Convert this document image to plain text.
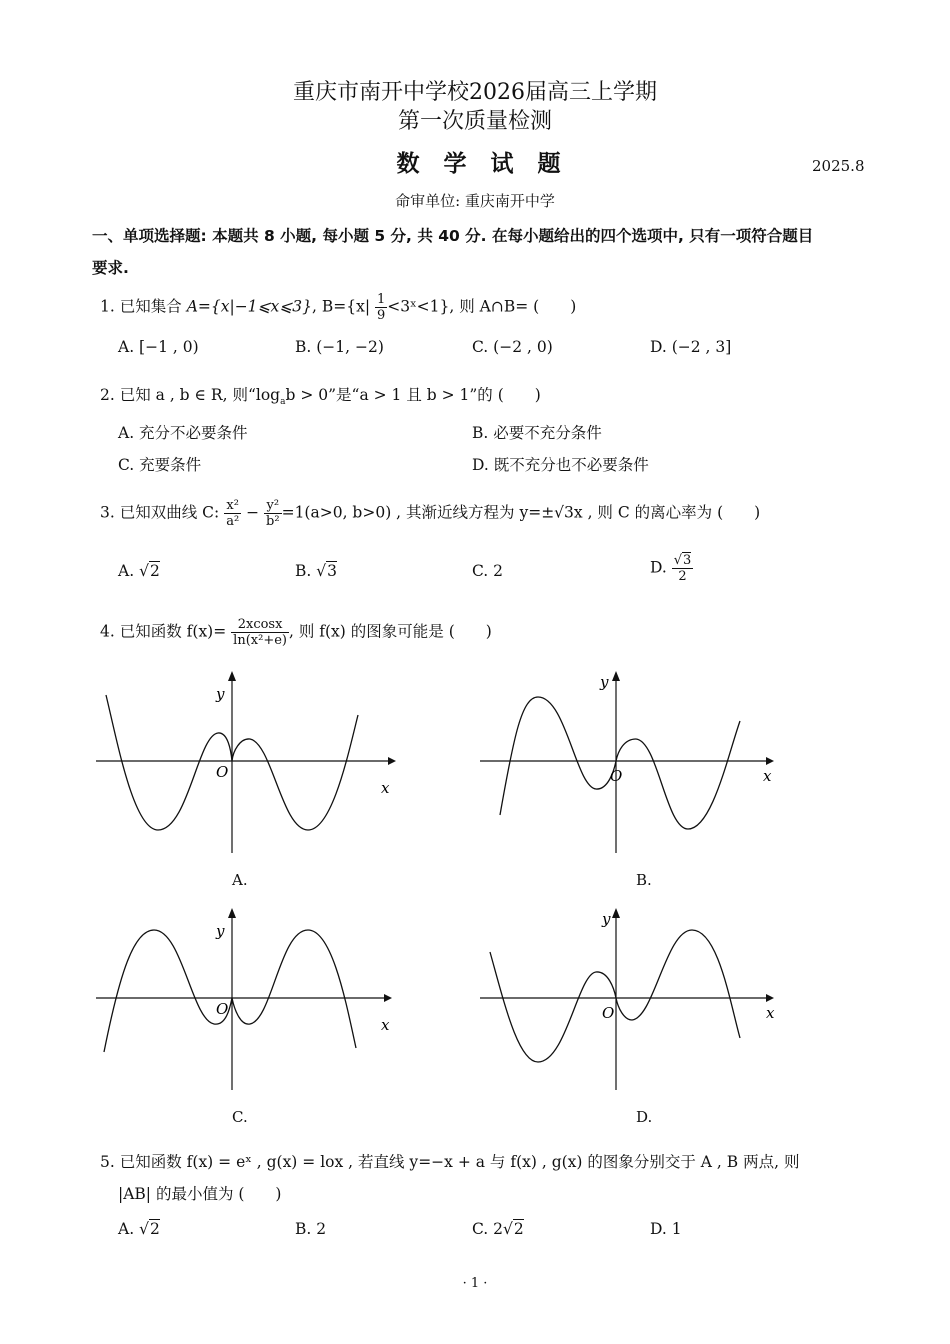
重庆市南开中学校2026届高三上学期
第一次质量检测
数 学 试 题	2025.8
命审单位: 重庆南开中学
一、单项选择题: 本题共 8 小题, 每小题 5 分, 共 40 分. 在每小题给出的四个选项中, 只有一项符合题目
要求.
1. 已知集合 A={x|−1⩽x⩽3}, $B=\{x| \frac{1}{9}$ <3ˣ<1}, 则 A∩B= (　　)
A. [−1 , 0)	B. (−1, −2)	C. (−2 , 0)	D. (−2 , 3]
2. 已知 a , b ∈ R, 则“$\log_ab > 0$”是“a > 1 且 b > 1”的 (　　)
A. 充分不必要条件	B. 必要不充分条件
C. 充要条件	D. 既不充分也不必要条件
3. 已知双曲线 C: $\frac{\text{x²}}{\text{a²}} - \frac{\text{y²}}{\text{b²}} =1(a>0$, b>0) , 其渐近线方程为 y=±√3x , 则 C 的离心率为 (　　)
A. √2	B. √3	C. 2	D. $\frac{√3}{2}$
4. 已知函数 $f(x)= \frac{2xcosx}{\text{ln(x²+e)}}$ , 则 f(x) 的图象可能是 (　　)
y
O
x
A.
y
O	x
B.
y
O
x
C.
y
O	x
D.
5. 已知函数 f(x) = eˣ , g(x) = lox , 若直线 y=−x + a 与 f(x) , g(x) 的图象分别交于 A , B 两点, 则
|AB| 的最小值为 (　　)
A. √2	B. 2	C. 2√2	D. 1
· 1 ·
